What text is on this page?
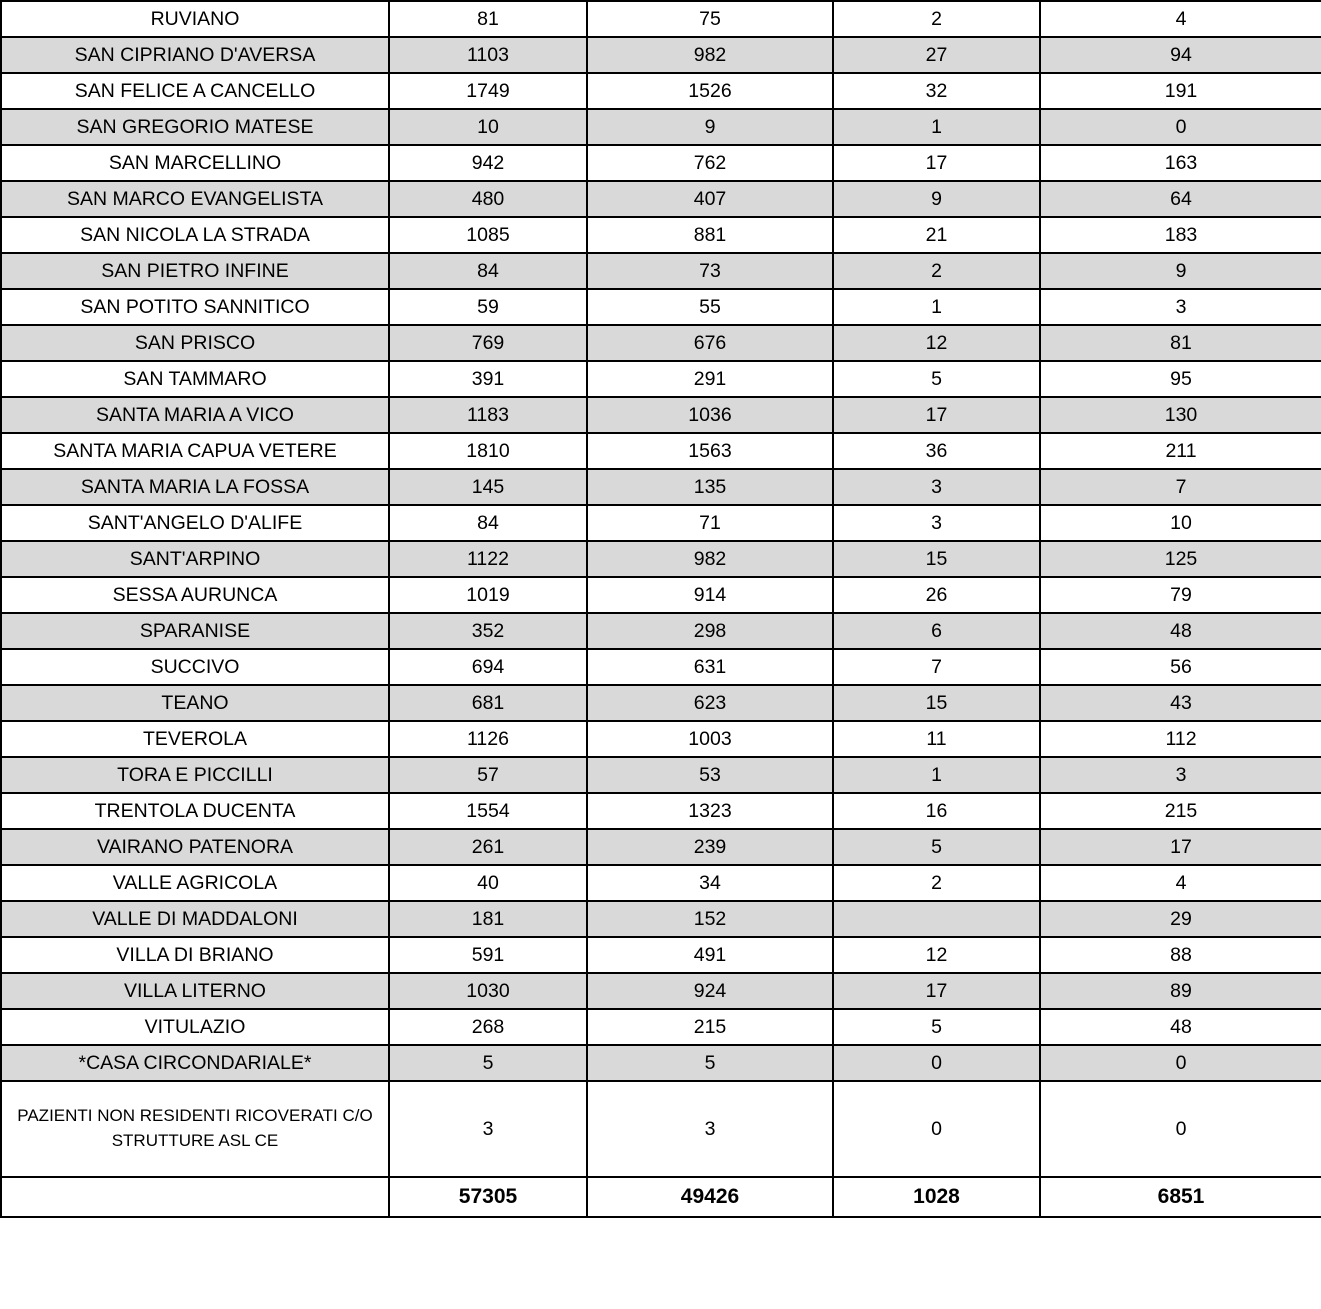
RUVIANO	81	75	2	4
SAN CIPRIANO D'AVERSA	1103	982	27	94
SAN FELICE A CANCELLO	1749	1526	32	191
SAN GREGORIO MATESE	10	9	1	0
SAN MARCELLINO	942	762	17	163
SAN MARCO EVANGELISTA	480	407	9	64
SAN NICOLA LA STRADA	1085	881	21	183
SAN PIETRO INFINE	84	73	2	9
SAN POTITO SANNITICO	59	55	1	3
SAN PRISCO	769	676	12	81
SAN TAMMARO	391	291	5	95
SANTA MARIA A VICO	1183	1036	17	130
SANTA MARIA CAPUA VETERE	1810	1563	36	211
SANTA MARIA LA FOSSA	145	135	3	7
SANT'ANGELO D'ALIFE	84	71	3	10
SANT'ARPINO	1122	982	15	125
SESSA AURUNCA	1019	914	26	79
SPARANISE	352	298	6	48
SUCCIVO	694	631	7	56
TEANO	681	623	15	43
TEVEROLA	1126	1003	11	112
TORA E PICCILLI	57	53	1	3
TRENTOLA DUCENTA	1554	1323	16	215
VAIRANO PATENORA	261	239	5	17
VALLE AGRICOLA	40	34	2	4
VALLE DI MADDALONI	181	152		29
VILLA DI BRIANO	591	491	12	88
VILLA LITERNO	1030	924	17	89
VITULAZIO	268	215	5	48
*CASA CIRCONDARIALE*	5	5	0	0
PAZIENTI NON RESIDENTI RICOVERATI C/O STRUTTURE ASL CE	3	3	0	0
	57305	49426	1028	6851
